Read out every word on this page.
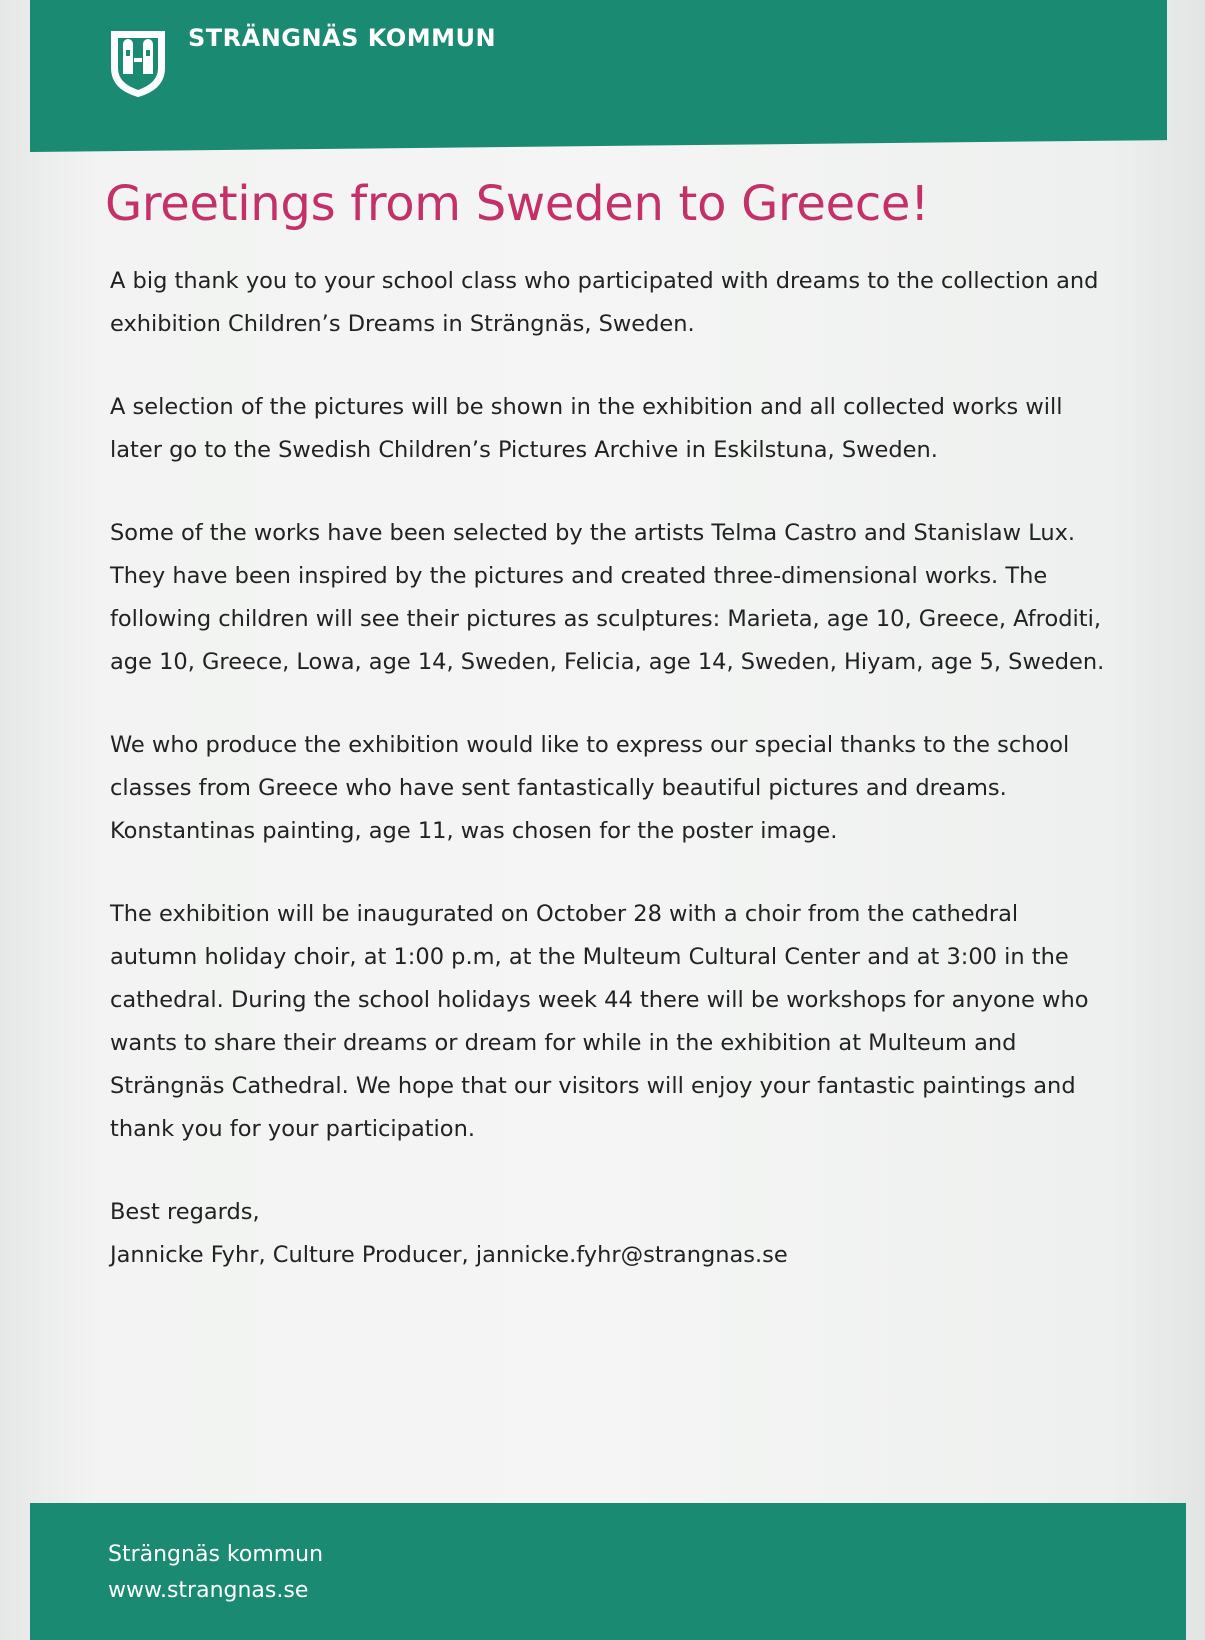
STRÄNGNÄS KOMMUN
Greetings from Sweden to Greece!

A big thank you to your school class who participated with dreams to the collection and exhibition Children’s Dreams in Strängnäs, Sweden.

A selection of the pictures will be shown in the exhibition and all collected works will later go to the Swedish Children’s Pictures Archive in Eskilstuna, Sweden.

Some of the works have been selected by the artists Telma Castro and Stanislaw Lux. They have been inspired by the pictures and created three-dimensional works. The following children will see their pictures as sculptures: Marieta, age 10, Greece, Afroditi, age 10, Greece, Lowa, age 14, Sweden, Felicia, age 14, Sweden, Hiyam, age 5, Sweden.

We who produce the exhibition would like to express our special thanks to the school classes from Greece who have sent fantastically beautiful pictures and dreams. Konstantinas painting, age 11, was chosen for the poster image.

The exhibition will be inaugurated on October 28 with a choir from the cathedral autumn holiday choir, at 1:00 p.m, at the Multeum Cultural Center and at 3:00 in the cathedral. During the school holidays week 44 there will be workshops for anyone who wants to share their dreams or dream for while in the exhibition at Multeum and Strängnäs Cathedral. We hope that our visitors will enjoy your fantastic paintings and thank you for your participation.

Best regards,

Jannicke Fyhr, Culture Producer, jannicke.fyhr@strangnas.se

Strängnäs kommun
www.strangnas.se
